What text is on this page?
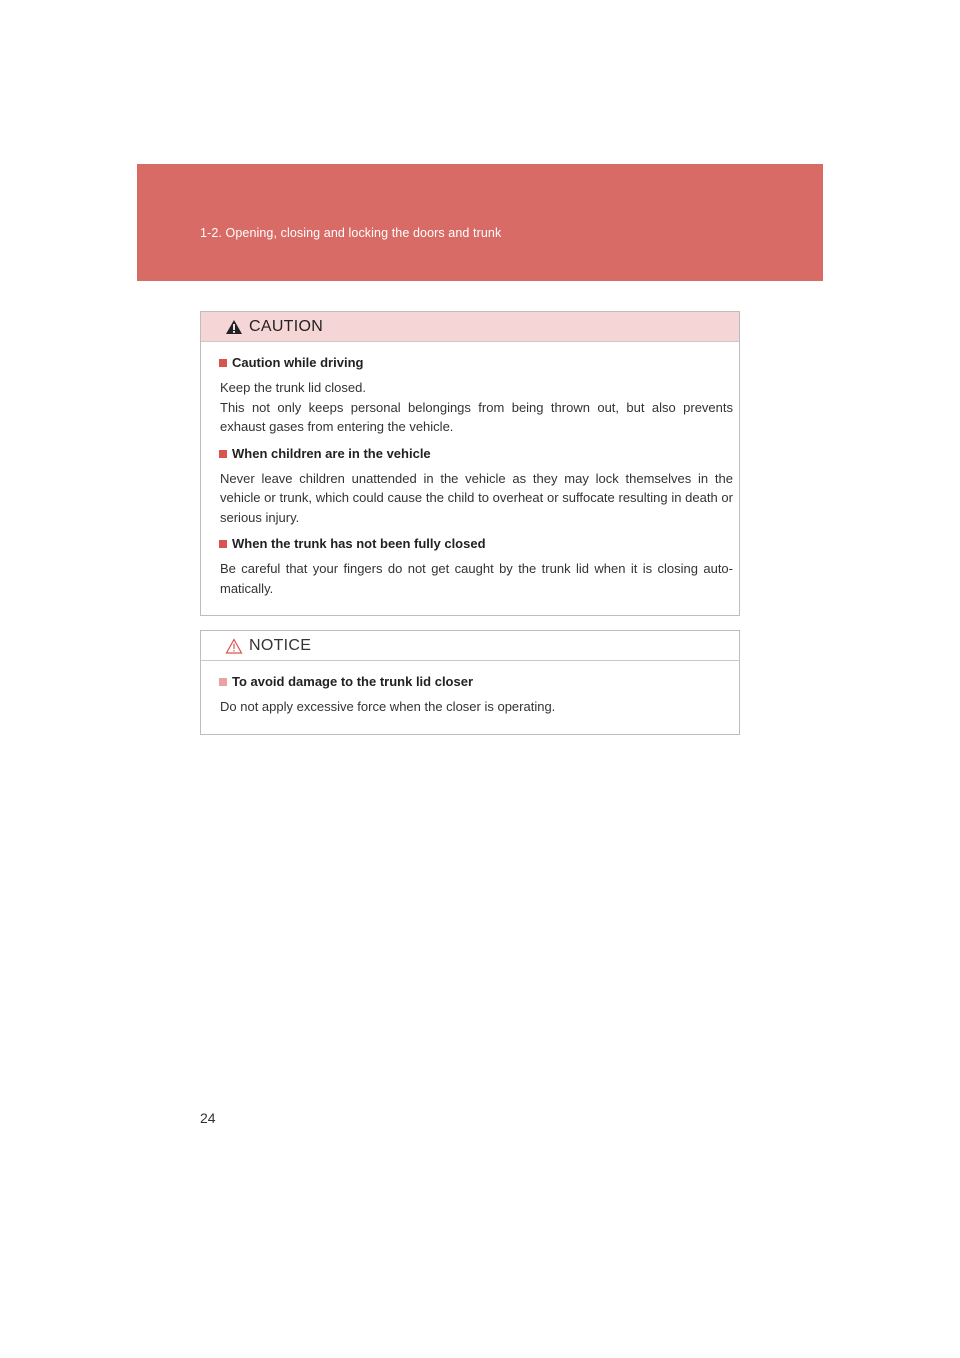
1-2. Opening, closing and locking the doors and trunk
CAUTION
Caution while driving
Keep the trunk lid closed.
This not only keeps personal belongings from being thrown out, but also prevents exhaust gases from entering the vehicle.
When children are in the vehicle
Never leave children unattended in the vehicle as they may lock themselves in the vehicle or trunk, which could cause the child to overheat or suffocate resulting in death or serious injury.
When the trunk has not been fully closed
Be careful that your fingers do not get caught by the trunk lid when it is closing auto-matically.
NOTICE
To avoid damage to the trunk lid closer
Do not apply excessive force when the closer is operating.
24
